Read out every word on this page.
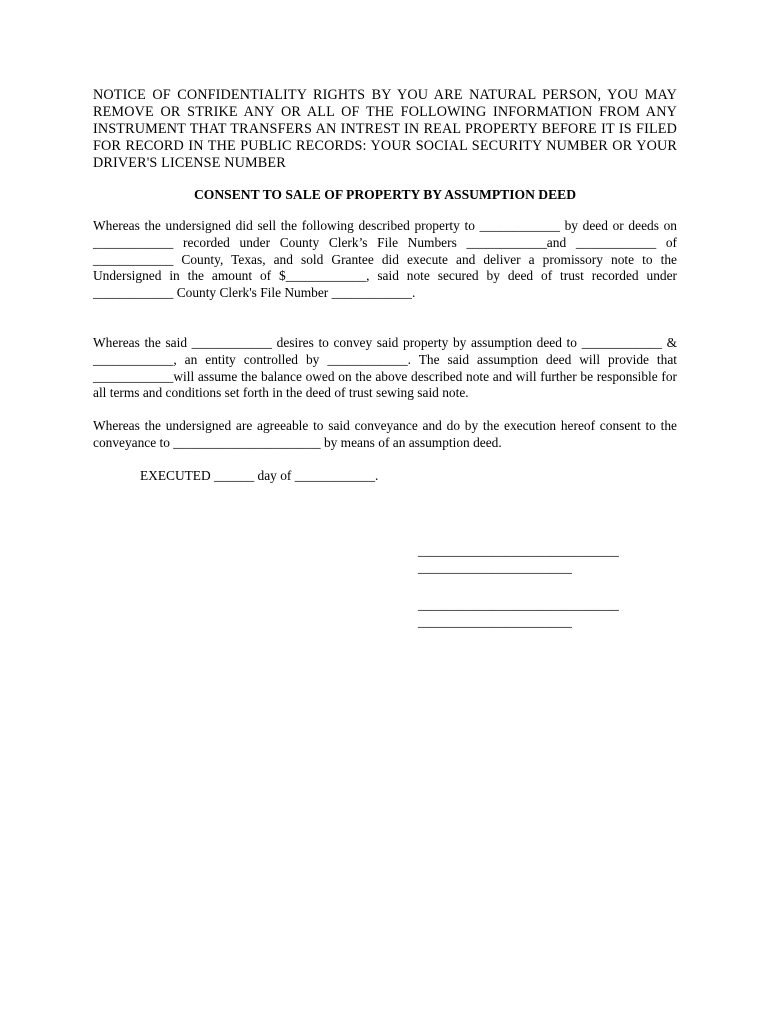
NOTICE OF CONFIDENTIALITY RIGHTS BY YOU ARE NATURAL PERSON, YOU MAY REMOVE OR STRIKE ANY OR ALL OF THE FOLLOWING INFORMATION FROM ANY INSTRUMENT THAT TRANSFERS AN INTREST IN REAL PROPERTY BEFORE IT IS FILED FOR RECORD IN THE PUBLIC RECORDS: YOUR SOCIAL SECURITY NUMBER OR YOUR DRIVER'S LICENSE NUMBER

CONSENT TO SALE OF PROPERTY BY ASSUMPTION DEED

Whereas the undersigned did sell the following described property to ____________ by deed or deeds on ____________ recorded under County Clerk’s File Numbers ____________and ____________ of ____________ County, Texas, and sold Grantee did execute and deliver a promissory note to the Undersigned in the amount of $____________, said note secured by deed of trust recorded under ____________ County Clerk's File Number ____________.

Whereas the said ____________ desires to convey said property by assumption deed to ____________ & ____________, an entity controlled by ____________. The said assumption deed will provide that ____________will assume the balance owed on the above described note and will further be responsible for all terms and conditions set forth in the deed of trust sewing said note.

Whereas the undersigned are agreeable to said conveyance and do by the execution hereof consent to the conveyance to ______________________ by means of an assumption deed.

EXECUTED ______ day of ____________.

______________________________
_______________________
______________________________
_______________________
